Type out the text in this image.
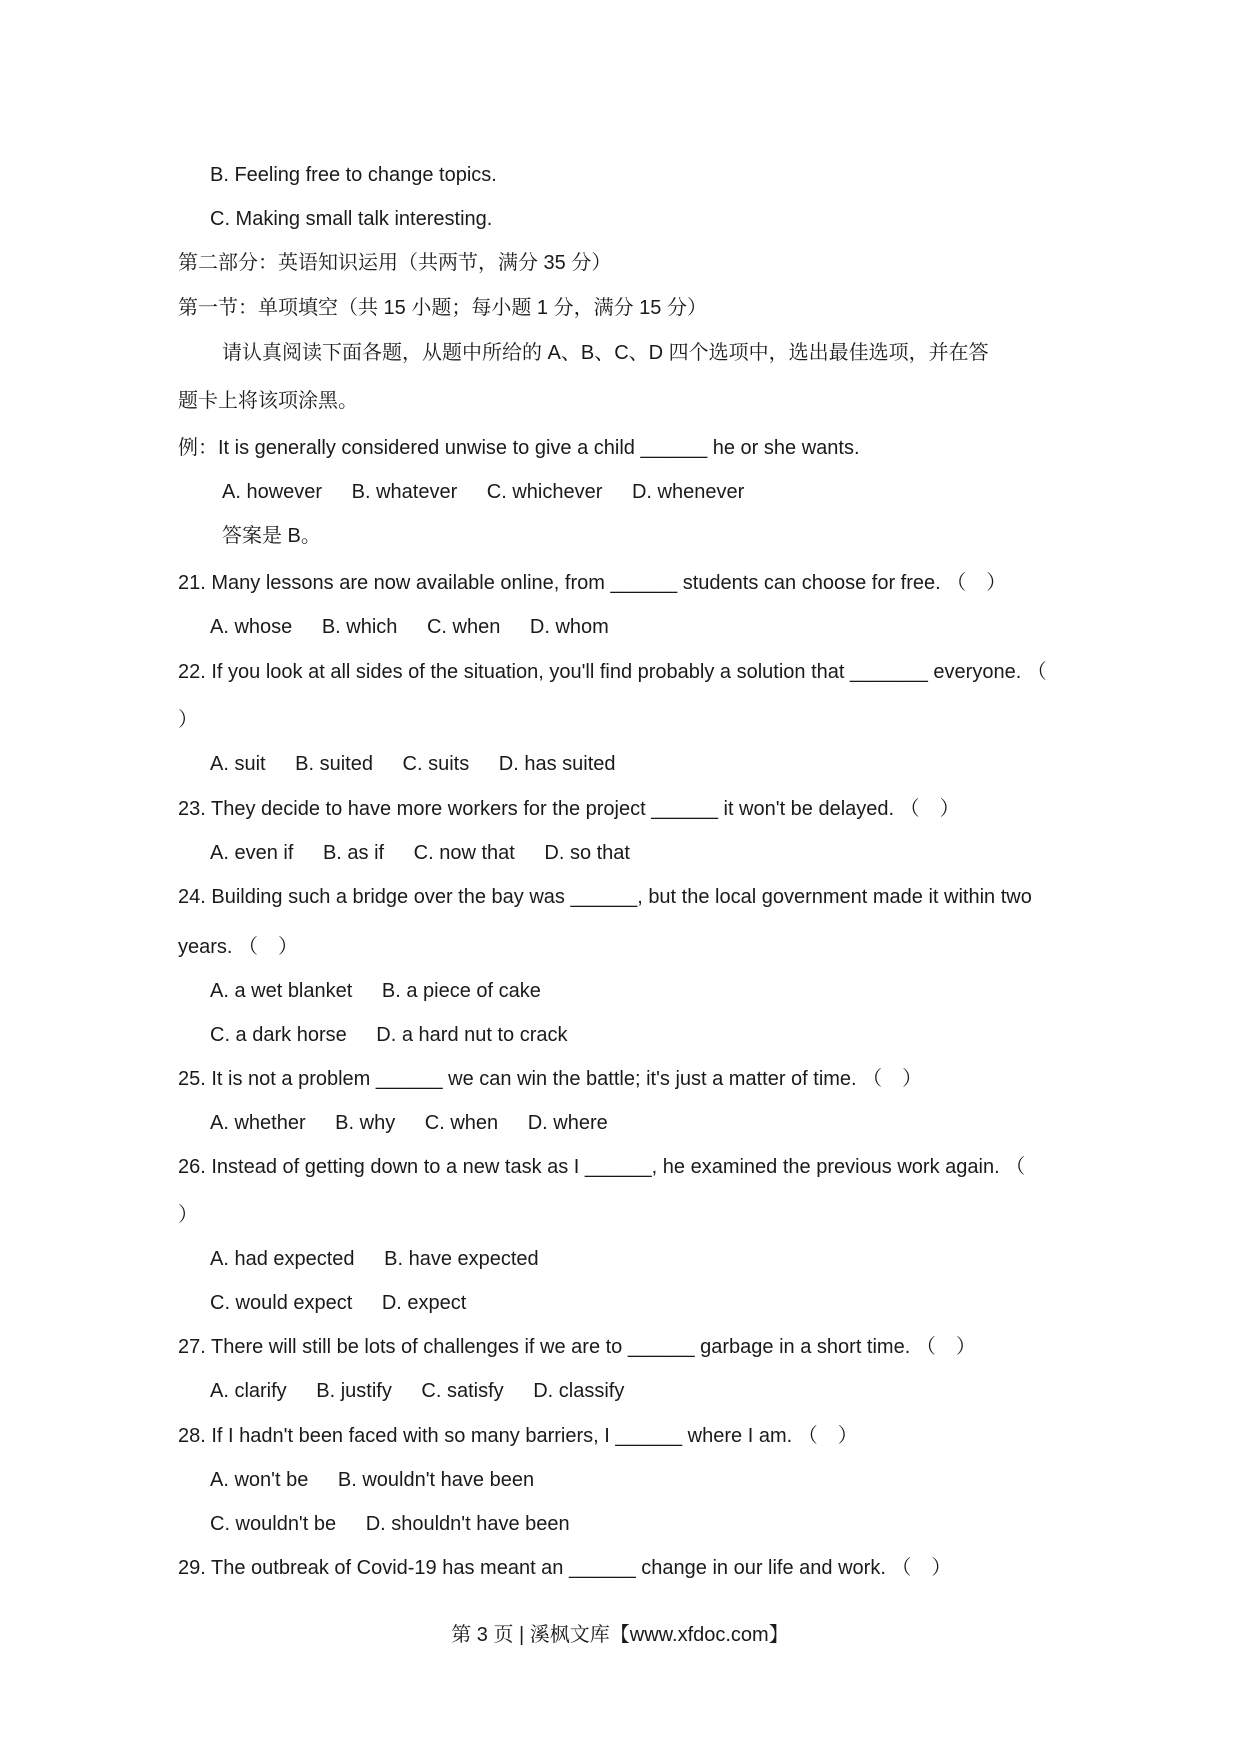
B. Feeling free to change topics.
C. Making small talk interesting.
第二部分：英语知识运用（共两节，满分 35 分）
第一节：单项填空（共 15 小题；每小题 1 分，满分 15 分）
请认真阅读下面各题，从题中所给的 A、B、C、D 四个选项中，选出最佳选项，并在答
题卡上将该项涂黑。
例：It is generally considered unwise to give a child ______ he or she wants.
A. however B. whatever C. whichever D. whenever
答案是 B。
21. Many lessons are now available online, from ______ students can choose for free. （　）
A. whose B. which C. when D. whom
22. If you look at all sides of the situation, you'll find probably a solution that _______ everyone. （
）
A. suit B. suited C. suits D. has suited
23. They decide to have more workers for the project ______ it won't be delayed. （　）
A. even if B. as if C. now that D. so that
24. Building such a bridge over the bay was ______, but the local government made it within two
years. （　）
A. a wet blanket B. a piece of cake
C. a dark horse D. a hard nut to crack
25. It is not a problem ______ we can win the battle; it's just a matter of time. （　）
A. whether B. why C. when D. where
26. Instead of getting down to a new task as I ______, he examined the previous work again. （
）
A. had expected B. have expected
C. would expect D. expect
27. There will still be lots of challenges if we are to ______ garbage in a short time. （　）
A. clarify B. justify C. satisfy D. classify
28. If I hadn't been faced with so many barriers, I ______ where I am. （　）
A. won't be B. wouldn't have been
C. wouldn't be D. shouldn't have been
29. The outbreak of Covid-19 has meant an ______ change in our life and work. （　）
第 3 页 | 溪枫文库【www.xfdoc.com】
